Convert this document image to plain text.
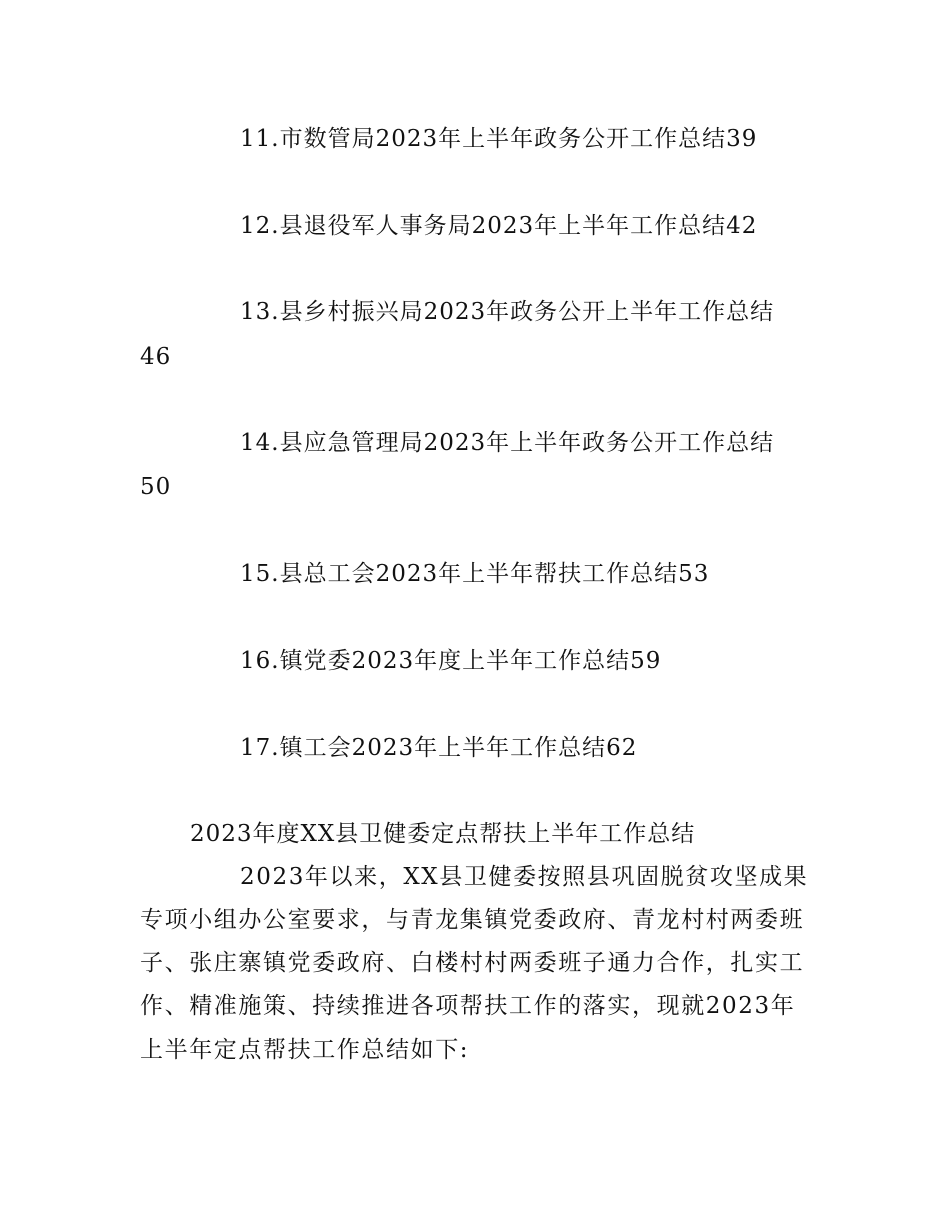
11.市数管局2023年上半年政务公开工作总结39
12.县退役军人事务局2023年上半年工作总结42
13.县乡村振兴局2023年政务公开上半年工作总结
46
14.县应急管理局2023年上半年政务公开工作总结
50
15.县总工会2023年上半年帮扶工作总结53
16.镇党委2023年度上半年工作总结59
17.镇工会2023年上半年工作总结62
2023年度XX县卫健委定点帮扶上半年工作总结
2023年以来，XX县卫健委按照县巩固脱贫攻坚成果
专项小组办公室要求，与青龙集镇党委政府、青龙村村两委班
子、张庄寨镇党委政府、白楼村村两委班子通力合作，扎实工
作、精准施策、持续推进各项帮扶工作的落实，现就2023年
上半年定点帮扶工作总结如下:
